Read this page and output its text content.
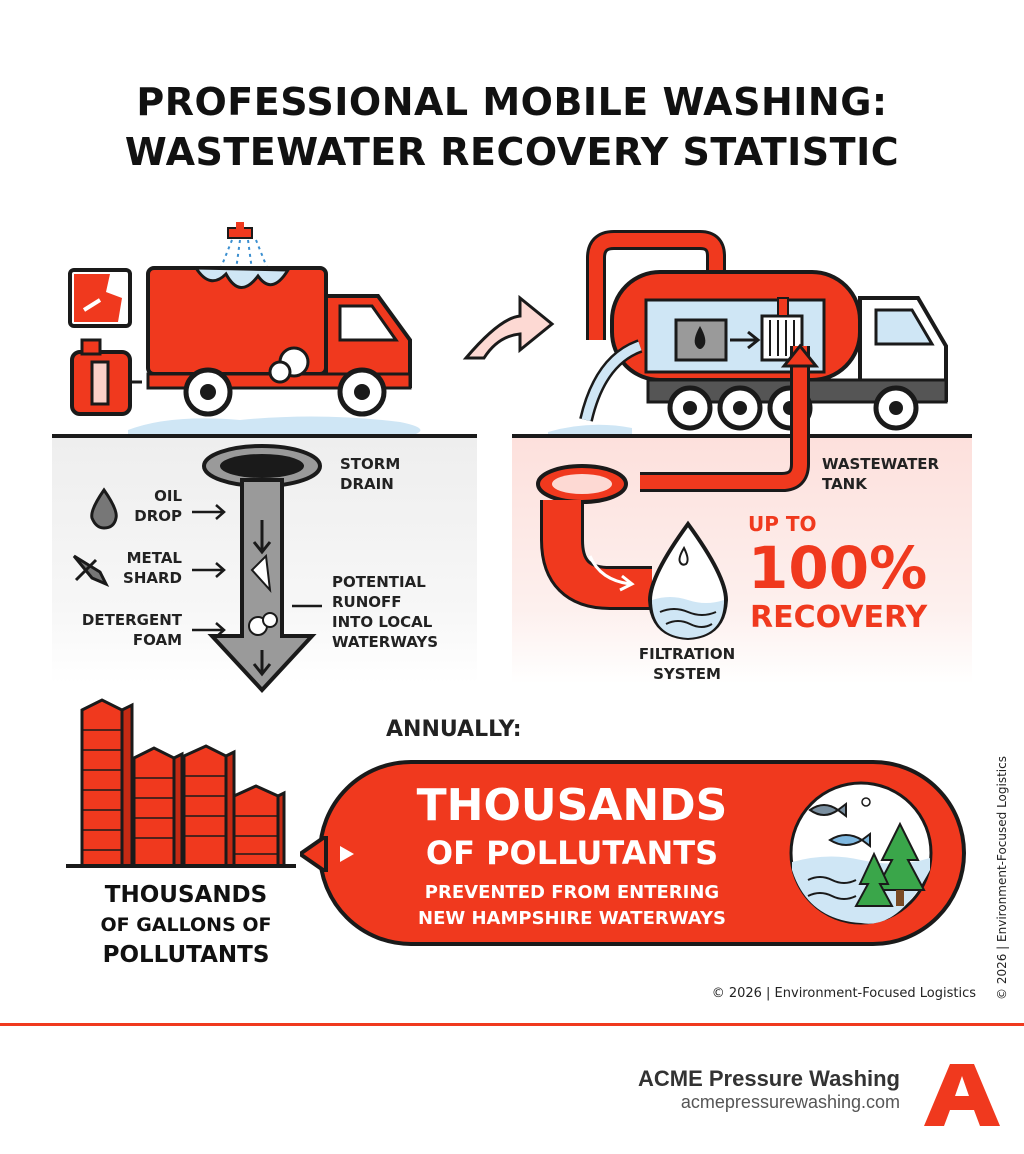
PROFESSIONAL MOBILE WASHING:
WASTEWATER RECOVERY STATISTIC
STORM
DRAIN
OIL
DROP
METAL
SHARD
DETERGENT
FOAM
POTENTIAL
RUNOFF
INTO LOCAL
WATERWAYS
WASTEWATER
TANK
UP TO
100%
RECOVERY
FILTRATION
SYSTEM
ANNUALLY:
THOUSANDS
OF GALLONS OF
POLLUTANTS
THOUSANDS
OF POLLUTANTS
PREVENTED FROM ENTERING
NEW HAMPSHIRE WATERWAYS
© 2026 | Environment-Focused Logistics © 2026 | Environment-Focused Logistics
ACME Pressure Washing
acmepressurewashing.com
